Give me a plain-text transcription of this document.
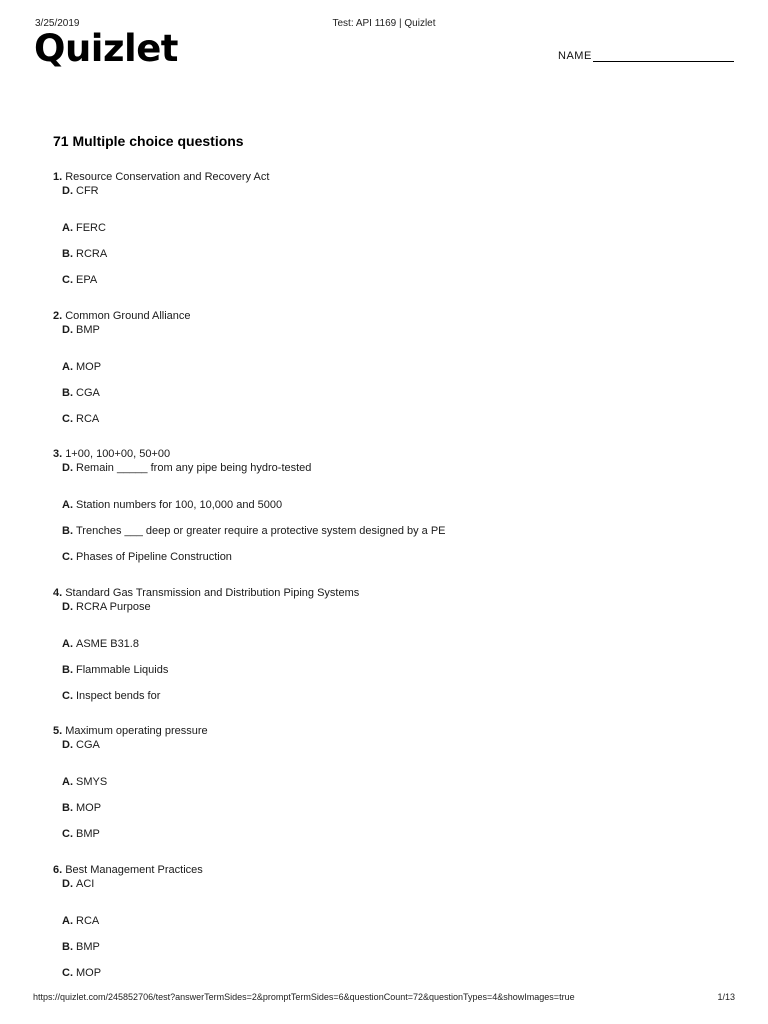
3/25/2019	Test: API 1169 | Quizlet
Quizlet	NAME
71 Multiple choice questions
1. Resource Conservation and Recovery Act
A. FERC
B. RCRA
C. EPA
D. CFR
2. Common Ground Alliance
A. MOP
B. CGA
C. RCA
D. BMP
3. 1+00, 100+00, 50+00
A. Station numbers for 100, 10,000 and 5000
B. Trenches ___ deep or greater require a protective system designed by a PE
C. Phases of Pipeline Construction
D. Remain _____ from any pipe being hydro-tested
4. Standard Gas Transmission and Distribution Piping Systems
A. ASME B31.8
B. Flammable Liquids
C. Inspect bends for
D. RCRA Purpose
5. Maximum operating pressure
A. SMYS
B. MOP
C. BMP
D. CGA
6. Best Management Practices
A. RCA
B. BMP
C. MOP
D. ACI
https://quizlet.com/245852706/test?answerTermSides=2&promptTermSides=6&questionCount=72&questionTypes=4&showImages=true	1/13
